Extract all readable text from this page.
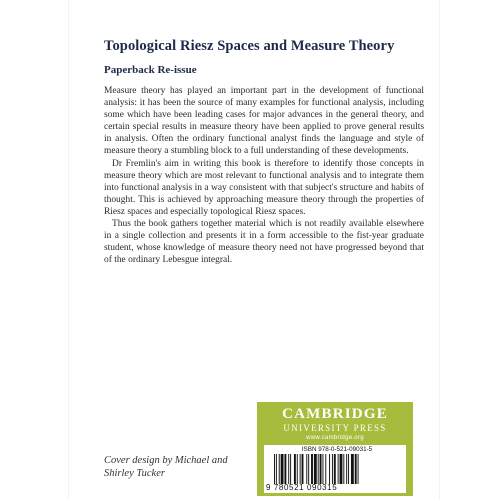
Topological Riesz Spaces and Measure Theory
Paperback Re-issue

Measure theory has played an important part in the development of functional analysis: it has been the source of many examples for functional analysis, including some which have been leading cases for major advances in the general theory, and certain special results in measure theory have been applied to prove general results in analysis. Often the ordinary functional analyst finds the language and style of measure theory a stumbling block to a full understanding of these developments.

Dr Fremlin's aim in writing this book is therefore to identify those concepts in measure theory which are most relevant to functional analysis and to integrate them into functional analysis in a way consistent with that subject's structure and habits of thought. This is achieved by approaching measure theory through the properties of Riesz spaces and especially topological Riesz spaces.

Thus the book gathers together material which is not readily available elsewhere in a single collection and presents it in a form accessible to the fist-year graduate student, whose knowledge of measure theory need not have progressed beyond that of the ordinary Lebesgue integral.

CAMBRIDGE
UNIVERSITY PRESS
www.cambridge.org
ISBN 978-0-521-09031-5
9 780521 090315
Cover design by Michael and Shirley Tucker
